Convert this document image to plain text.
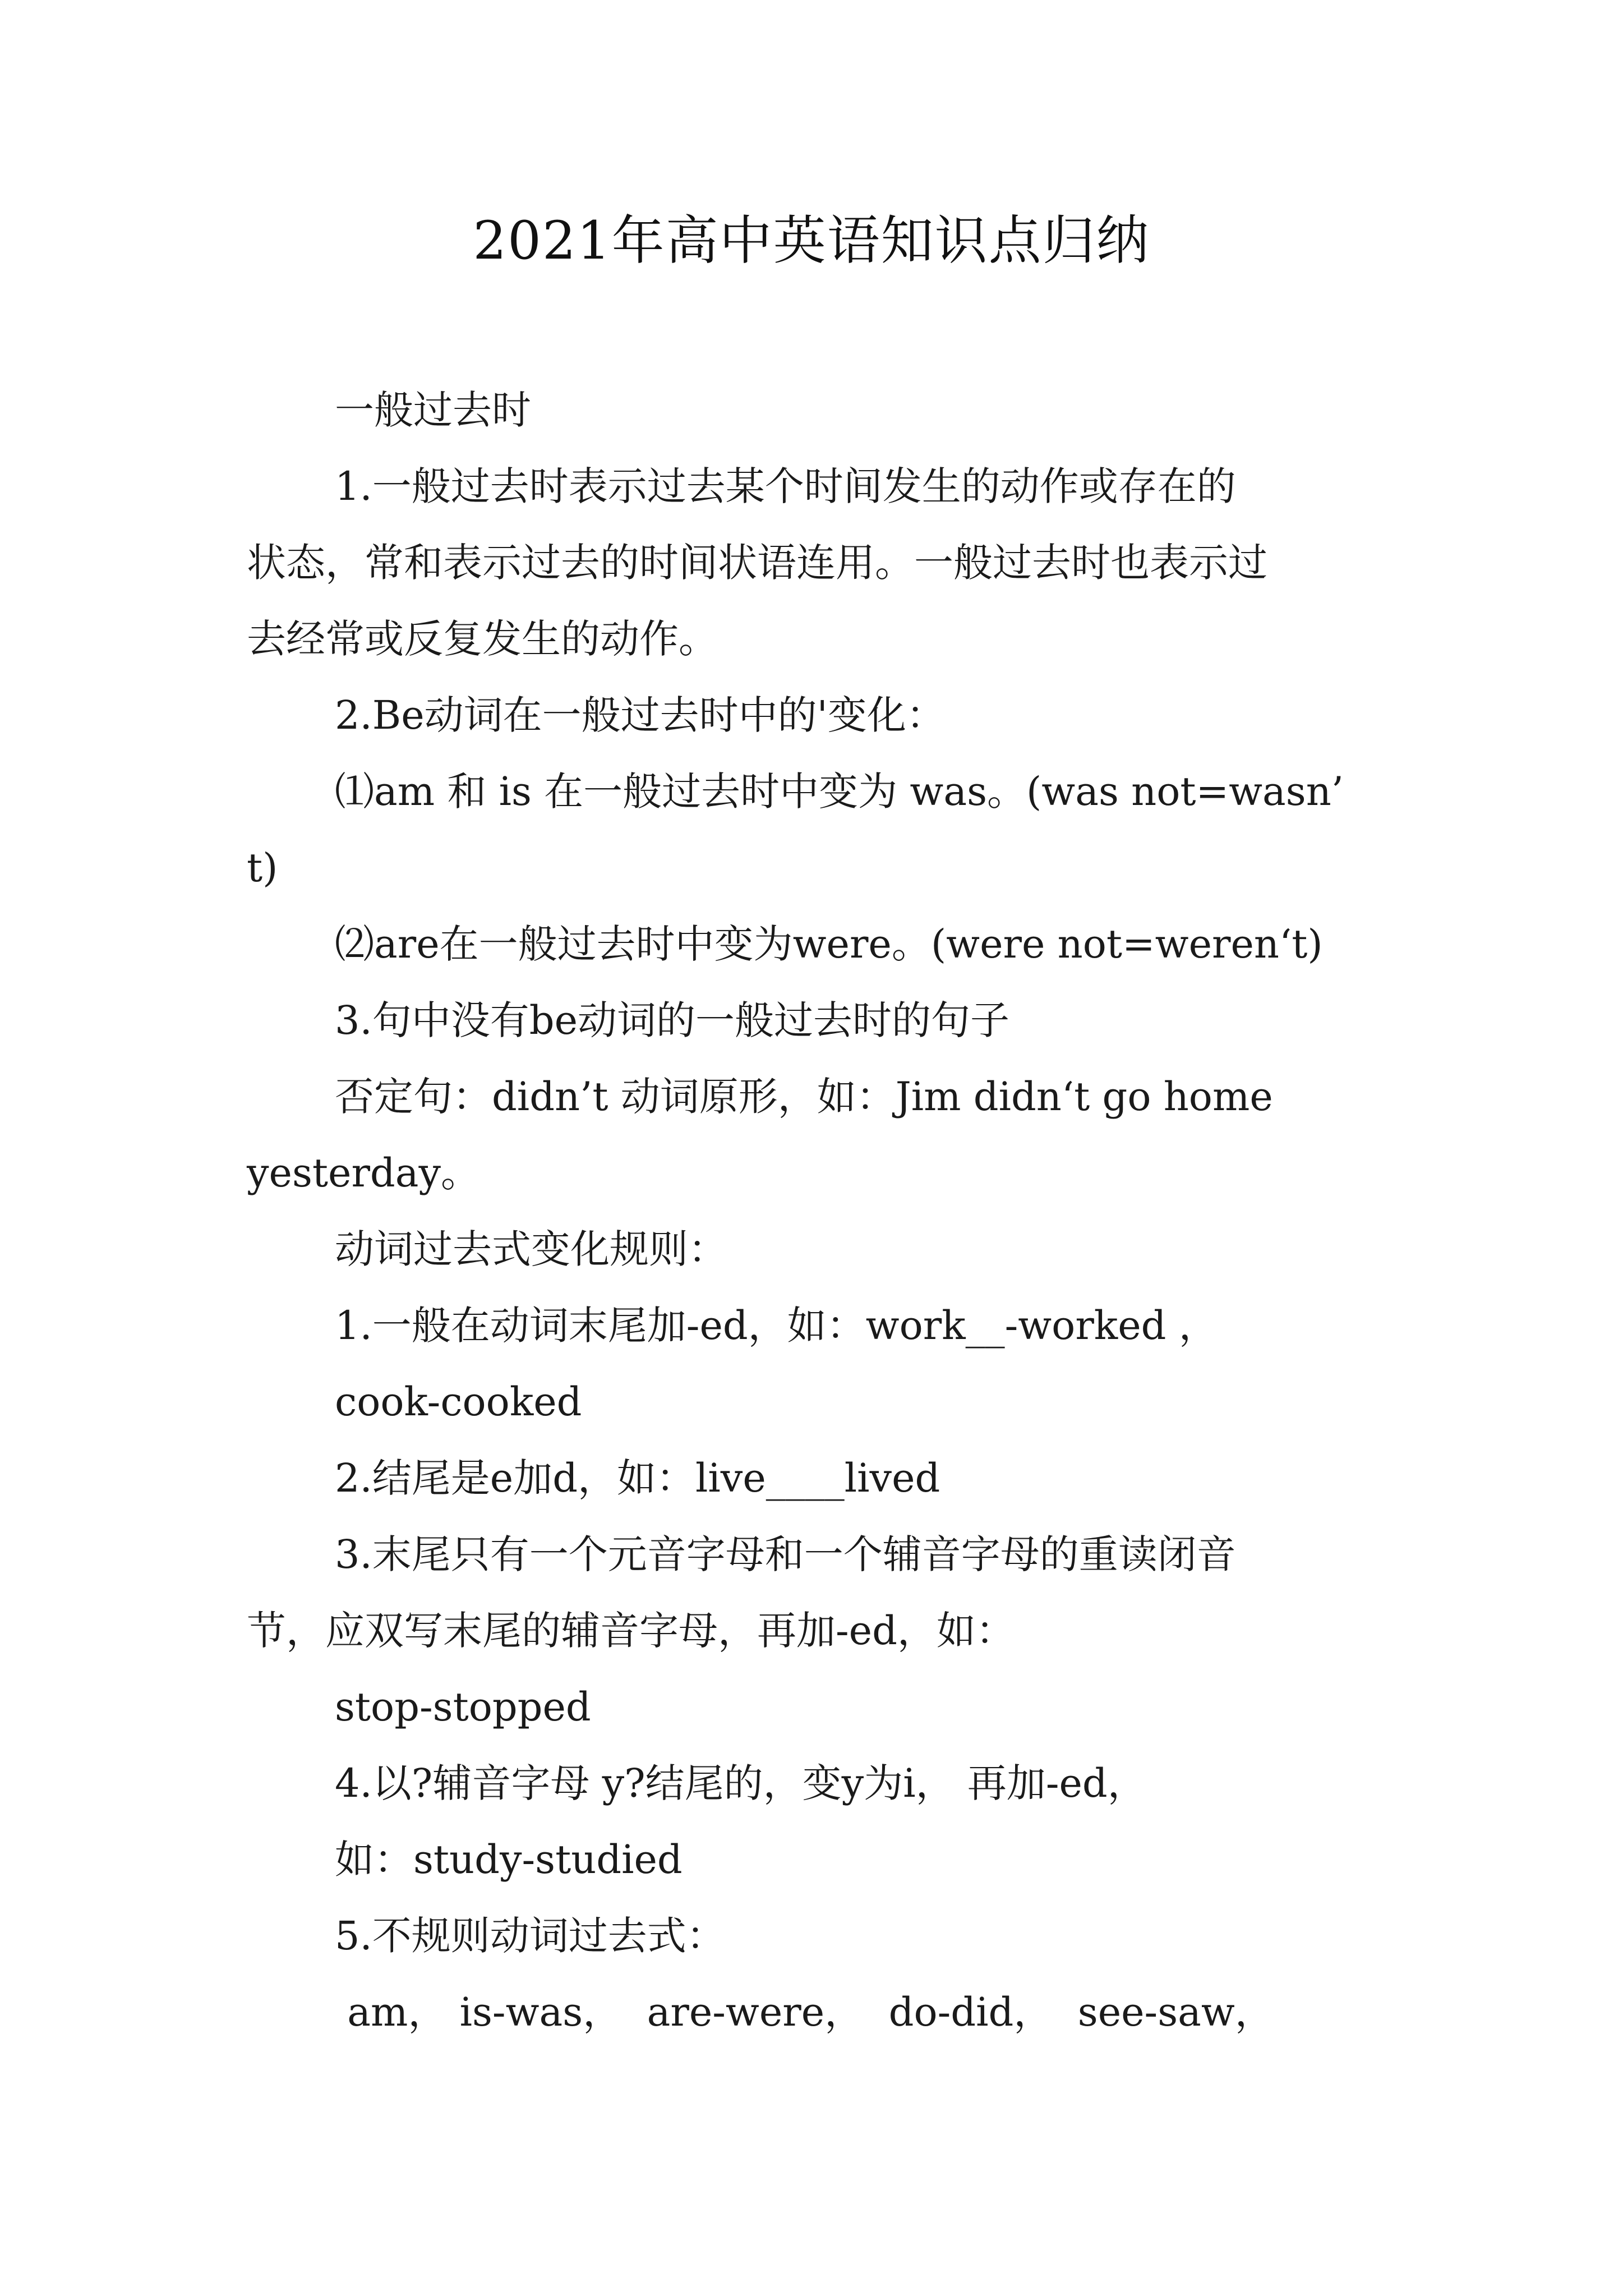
2021年高中英语知识点归纳
一般过去时
1.一般过去时表示过去某个时间发生的动作或存在的
状态，常和表示过去的时间状语连用。一般过去时也表示过
去经常或反复发生的动作。
2.Be动词在一般过去时中的'变化：
⑴am 和 is 在一般过去时中变为 was。(was not=wasn’
t)
⑵are在一般过去时中变为were。(were not=weren‘t)
3.句中没有be动词的一般过去时的句子
否定句：didn’t 动词原形，如：Jim didn‘t go home
yesterday。
动词过去式变化规则：
1.一般在动词末尾加-ed，如：work__-worked ，
cook-cooked
2.结尾是e加d，如：live____lived
3.末尾只有一个元音字母和一个辅音字母的重读闭音
节，应双写末尾的辅音字母，再加-ed，如：
stop-stopped
4.以?辅音字母 y?结尾的，变y为i， 再加-ed，
如：study-studied
5.不规则动词过去式：
am， is-was，  are-were，  do-did，  see-saw，
